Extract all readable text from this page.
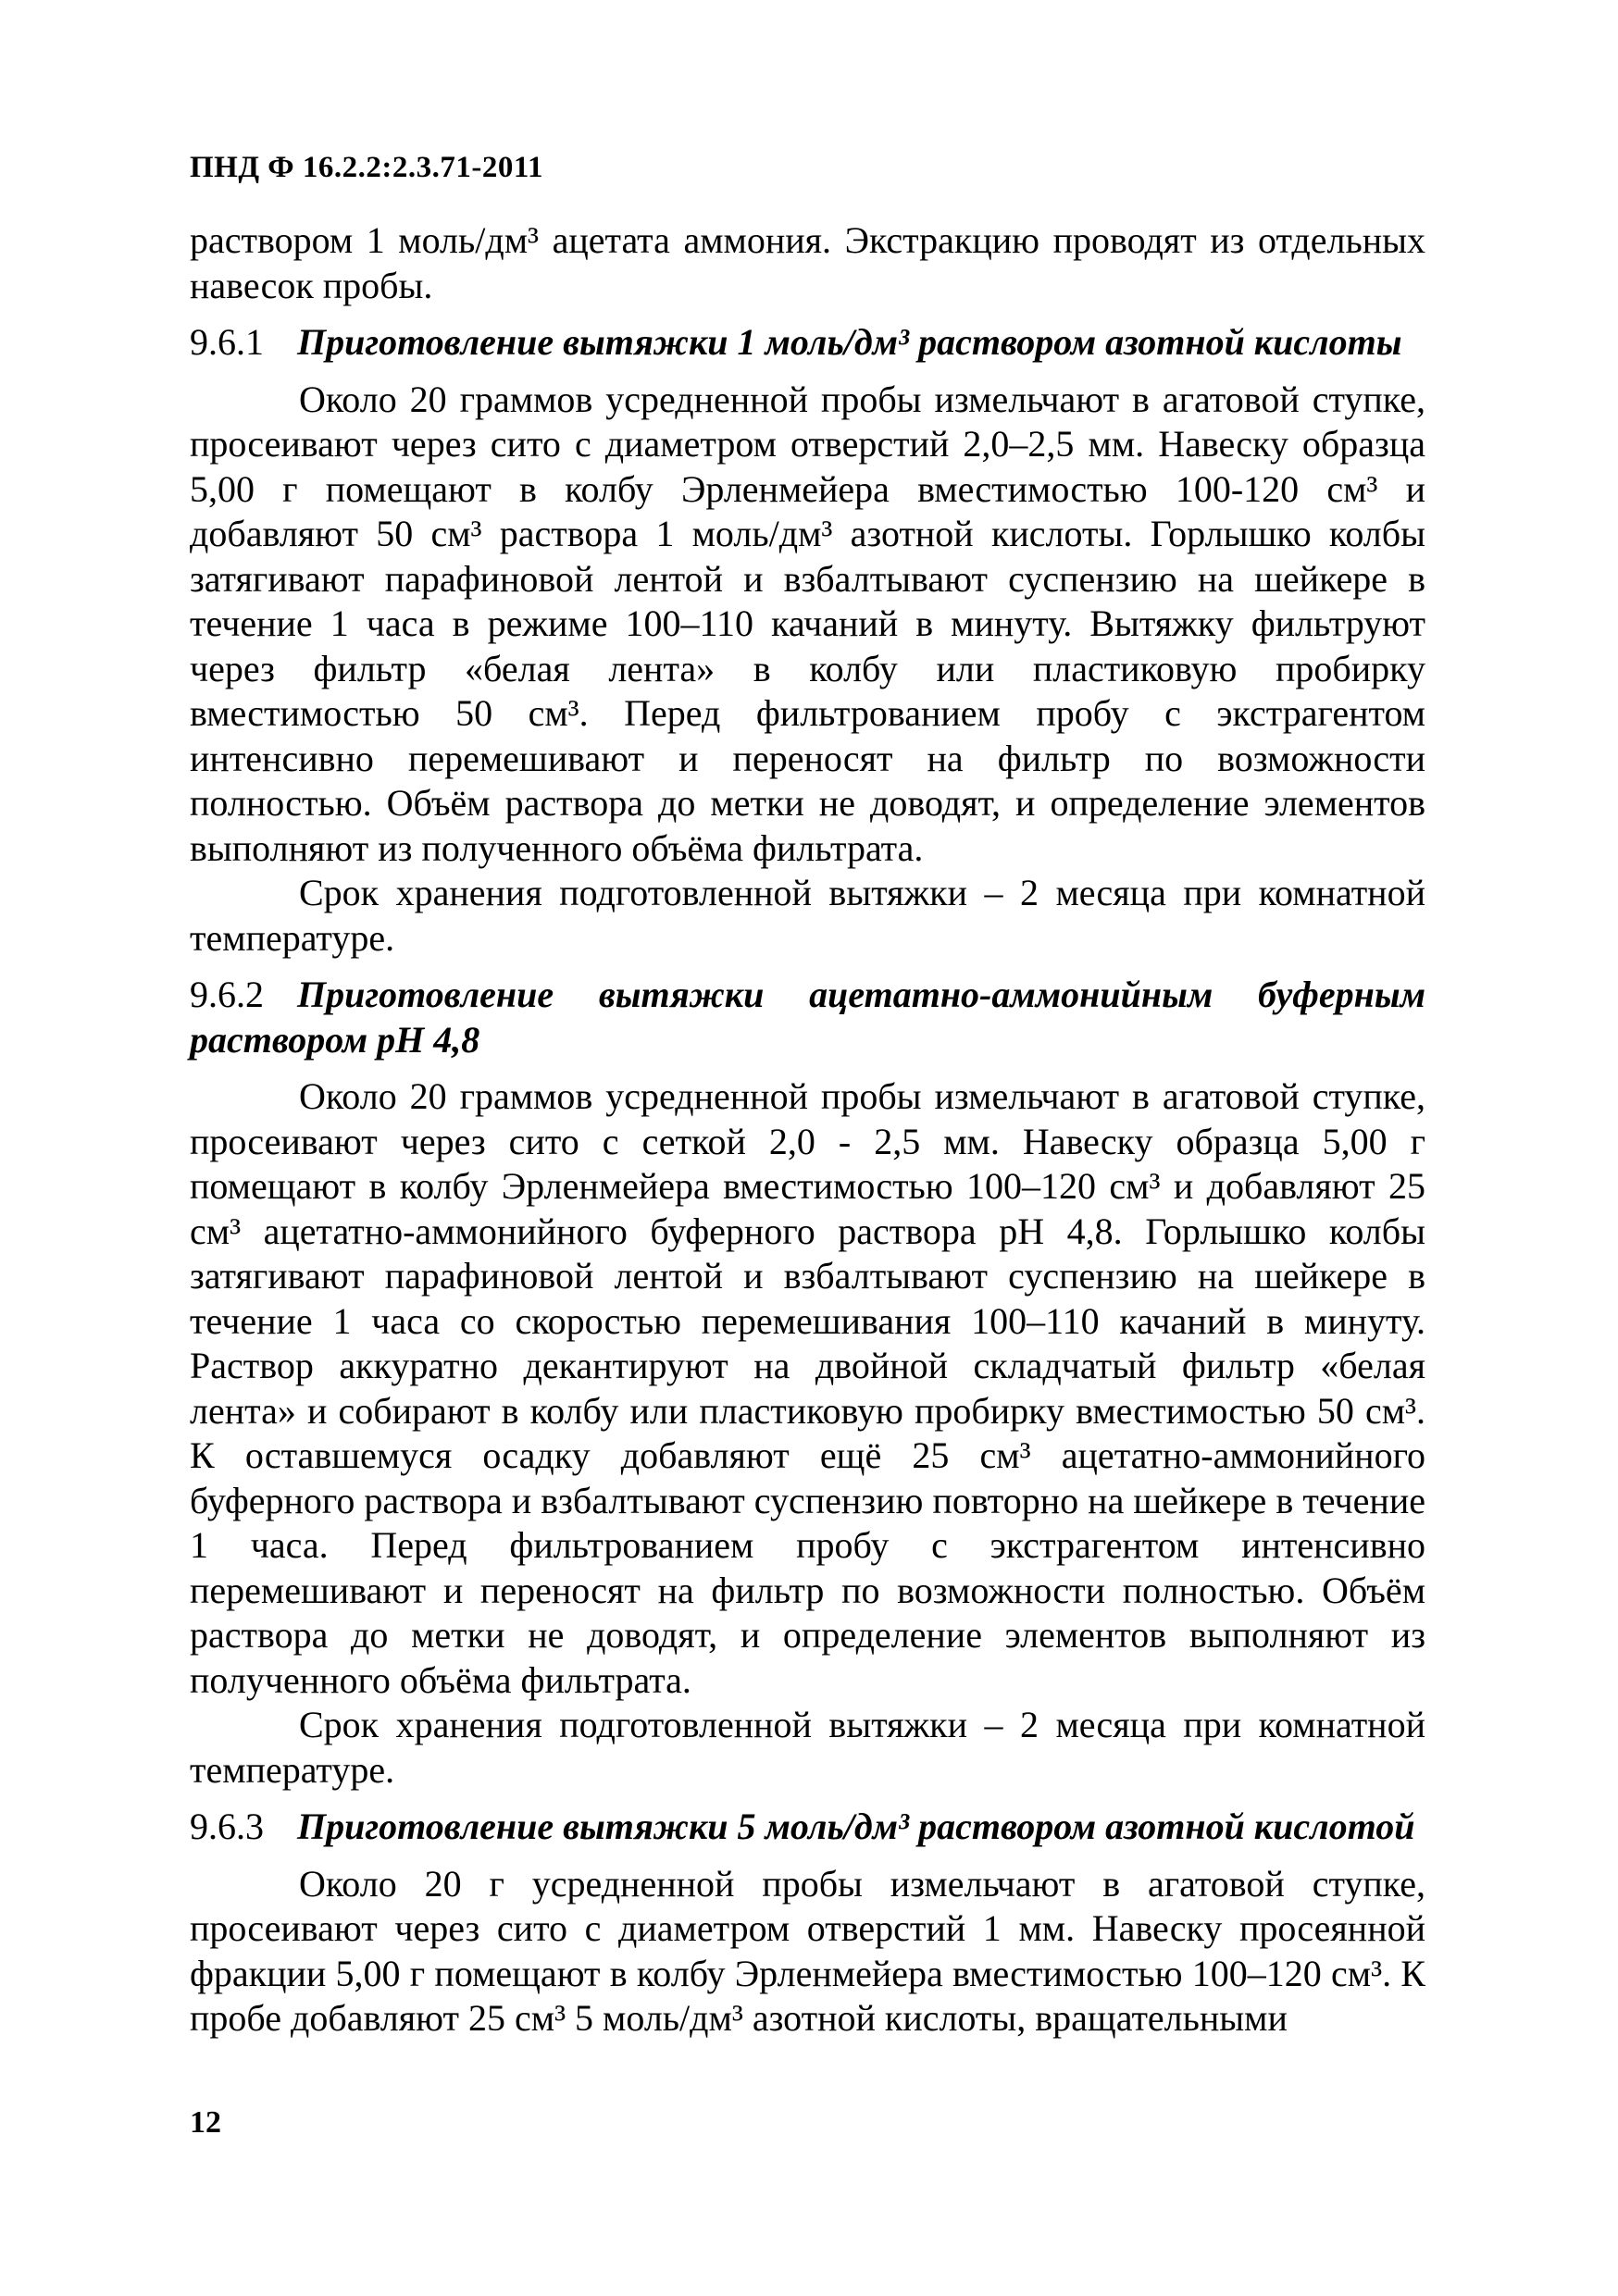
ПНД Ф 16.2.2:2.3.71-2011

раствором 1 моль/дм³ ацетата аммония. Экстракцию проводят из отдельных навесок пробы.

9.6.1 Приготовление вытяжки 1 моль/дм³ раствором азотной кислоты

Около 20 граммов усредненной пробы измельчают в агатовой ступке, просеивают через сито с диаметром отверстий 2,0–2,5 мм. Навеску образца 5,00 г помещают в колбу Эрленмейера вместимостью 100-120 см³ и добавляют 50 см³ раствора 1 моль/дм³ азотной кислоты. Горлышко колбы затягивают парафиновой лентой и взбалтывают суспензию на шейкере в течение 1 часа в режиме 100–110 качаний в минуту. Вытяжку фильтруют через фильтр «белая лента» в колбу или пластиковую пробирку вместимостью 50 см³. Перед фильтрованием пробу с экстрагентом интенсивно перемешивают и переносят на фильтр по возможности полностью. Объём раствора до метки не доводят, и определение элементов выполняют из полученного объёма фильтрата.

Срок хранения подготовленной вытяжки – 2 месяца при комнатной температуре.

9.6.2 Приготовление вытяжки ацетатно-аммонийным буферным раствором pH 4,8

Около 20 граммов усредненной пробы измельчают в агатовой ступке, просеивают через сито с сеткой 2,0 - 2,5 мм. Навеску образца 5,00 г помещают в колбу Эрленмейера вместимостью 100–120 см³ и добавляют 25 см³ ацетатно-аммонийного буферного раствора pH 4,8. Горлышко колбы затягивают парафиновой лентой и взбалтывают суспензию на шейкере в течение 1 часа со скоростью перемешивания 100–110 качаний в минуту. Раствор аккуратно декантируют на двойной складчатый фильтр «белая лента» и собирают в колбу или пластиковую пробирку вместимостью 50 см³. К оставшемуся осадку добавляют ещё 25 см³ ацетатно-аммонийного буферного раствора и взбалтывают суспензию повторно на шейкере в течение 1 часа. Перед фильтрованием пробу с экстрагентом интенсивно перемешивают и переносят на фильтр по возможности полностью. Объём раствора до метки не доводят, и определение элементов выполняют из полученного объёма фильтрата.

Срок хранения подготовленной вытяжки – 2 месяца при комнатной температуре.

9.6.3 Приготовление вытяжки 5 моль/дм³ раствором азотной кислотой

Около 20 г усредненной пробы измельчают в агатовой ступке, просеивают через сито с диаметром отверстий 1 мм. Навеску просеянной фракции 5,00 г помещают в колбу Эрленмейера вместимостью 100–120 см³. К пробе добавляют 25 см³ 5 моль/дм³ азотной кислоты, вращательными

12
